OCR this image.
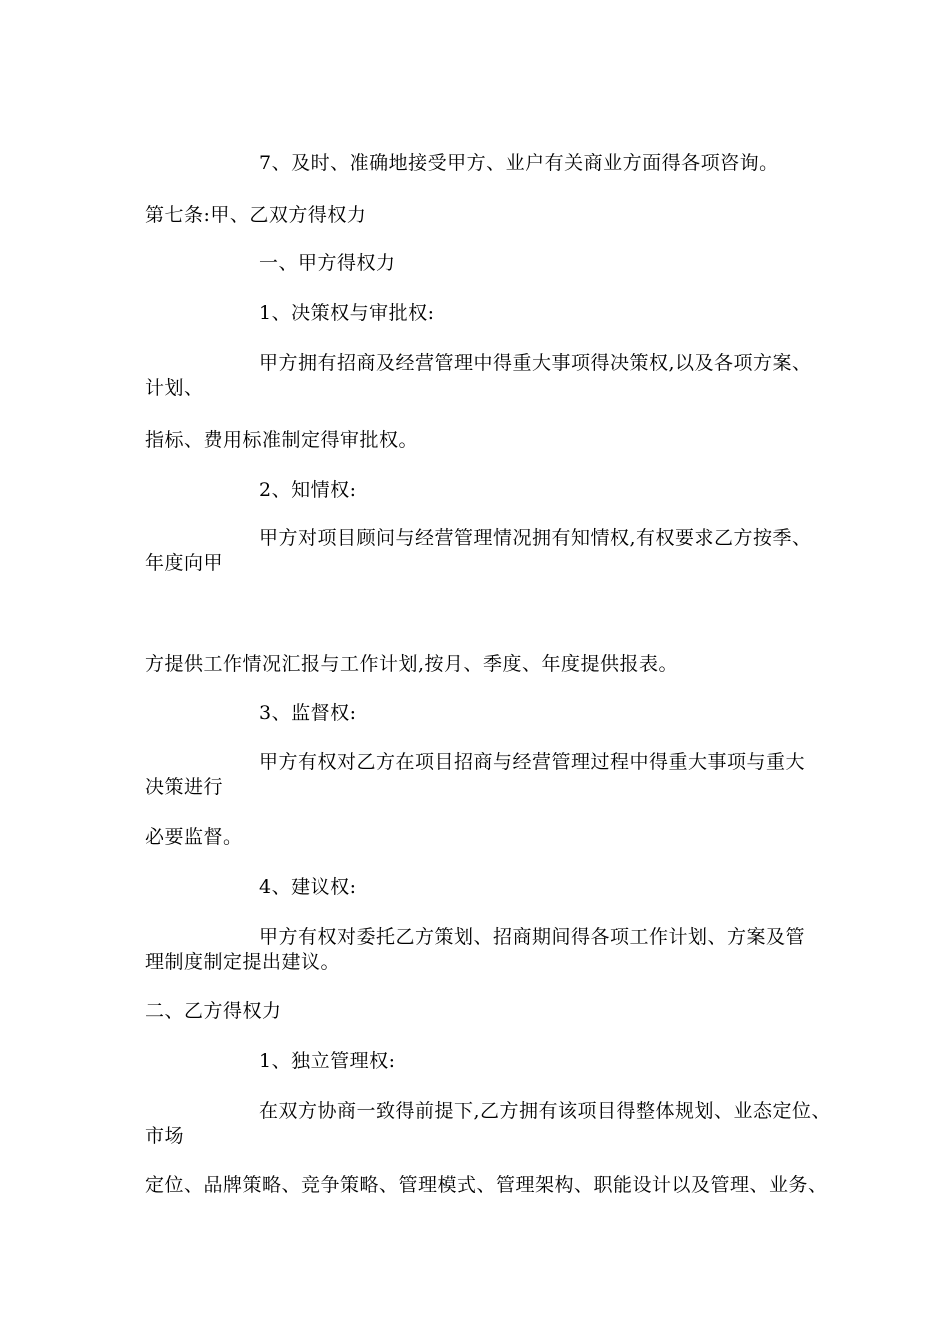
7、及时、准确地接受甲方、业户有关商业方面得各项咨询。
第七条:甲、乙双方得权力
一、甲方得权力
1、决策权与审批权:
甲方拥有招商及经营管理中得重大事项得决策权,以及各项方案、
计划、
指标、费用标准制定得审批权。
2、知情权:
甲方对项目顾问与经营管理情况拥有知情权,有权要求乙方按季、
年度向甲
方提供工作情况汇报与工作计划,按月、季度、年度提供报表。
3、监督权:
甲方有权对乙方在项目招商与经营管理过程中得重大事项与重大
决策进行
必要监督。
4、建议权:
甲方有权对委托乙方策划、招商期间得各项工作计划、方案及管
理制度制定提出建议。
二、乙方得权力
1、独立管理权:
在双方协商一致得前提下,乙方拥有该项目得整体规划、业态定位、
市场
定位、品牌策略、竞争策略、管理模式、管理架构、职能设计以及管理、业务、
